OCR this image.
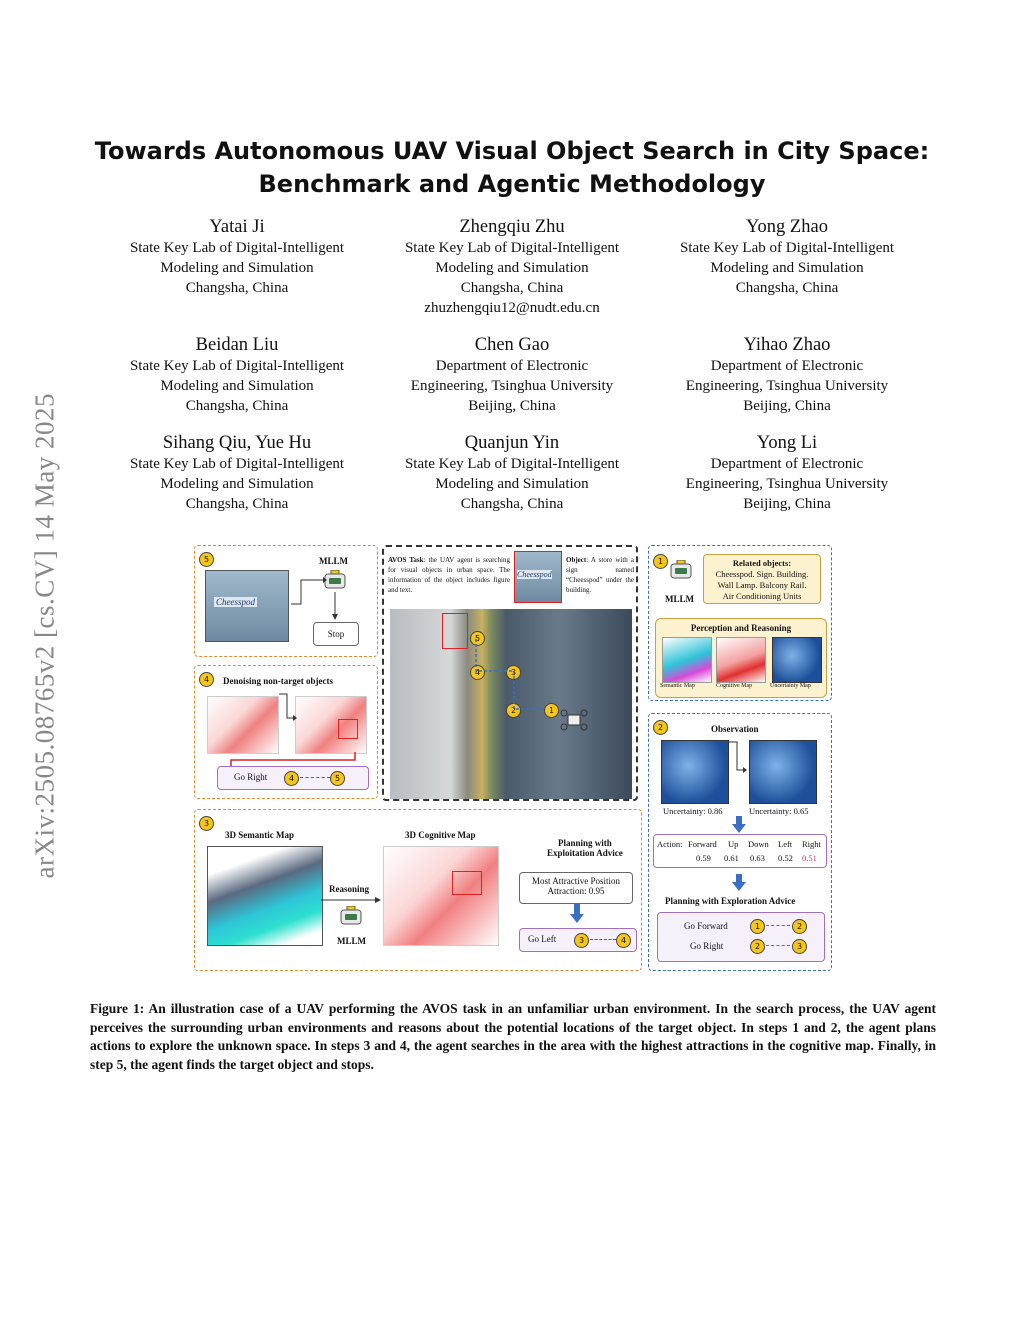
Towards Autonomous UAV Visual Object Search in City Space:
Benchmark and Agentic Methodology
Yatai Ji
State Key Lab of Digital-Intelligent
Modeling and Simulation
Changsha, China
Zhengqiu Zhu
State Key Lab of Digital-Intelligent
Modeling and Simulation
Changsha, China
zhuzhengqiu12@nudt.edu.cn
Yong Zhao
State Key Lab of Digital-Intelligent
Modeling and Simulation
Changsha, China
Beidan Liu
State Key Lab of Digital-Intelligent
Modeling and Simulation
Changsha, China
Chen Gao
Department of Electronic
Engineering, Tsinghua University
Beijing, China
Yihao Zhao
Department of Electronic
Engineering, Tsinghua University
Beijing, China
Sihang Qiu, Yue Hu
State Key Lab of Digital-Intelligent
Modeling and Simulation
Changsha, China
Quanjun Yin
State Key Lab of Digital-Intelligent
Modeling and Simulation
Changsha, China
Yong Li
Department of Electronic
Engineering, Tsinghua University
Beijing, China
arXiv:2505.08765v2 [cs.CV] 14 May 2025	5
Cheesspod
MLLM
Stop
4	Denoising non-target objects
Go Right	4	5
3
3D Semantic Map
Reasoning
MLLM
3D Cognitive Map
Planning with
Exploitation Advice
Most Attractive Position
Attraction: 0.95
Go Left	3	4
AVOS Task: the UAV agent is searching for visual objects in urban space. The information of the object includes figure and text.
Cheesspod
Object: A store with a sign named “Cheesspod” under the building.
5
4	3
2	1
1
MLLM
Related objects:
Cheesspod. Sign. Building.
Wall Lamp. Balcony Rail.
Air Conditioning Units
Perception and Reasoning
Semantic Map	Cognitive Map	Uncertainty Map
2	Observation
Uncertainty: 0.86	Uncertainty: 0.65
Action: Forward Up Down Left Right
0.59 0.61 0.63 0.52 0.51
Planning with Exploration Advice
Go Forward	1	2
Go Right	2	3
Figure 1: An illustration case of a UAV performing the AVOS task in an unfamiliar urban environment. In the search process, the UAV agent perceives the surrounding urban environments and reasons about the potential locations of the target object. In steps 1 and 2, the agent plans actions to explore the unknown space. In steps 3 and 4, the agent searches in the area with the highest attractions in the cognitive map. Finally, in step 5, the agent finds the target object and stops.
